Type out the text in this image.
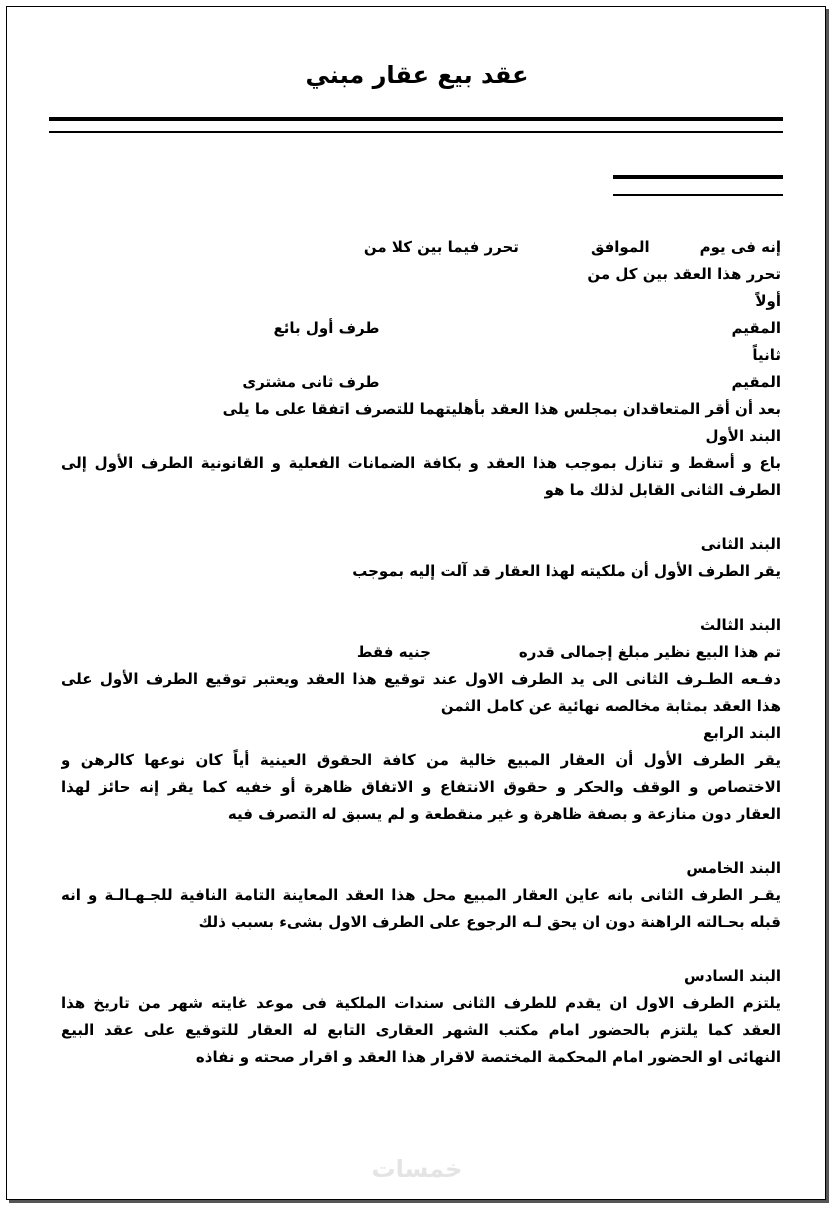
عقد بيع عقار مبني
إنه فى يومالموافقتحرر فيما بين كلا من
تحرر هذا العقد بين كل من
أولاً
المقيمطرف أول بائع
ثانياً
المقيمطرف ثانى مشترى
بعد أن أقر المتعاقدان بمجلس هذا العقد بأهليتهما للتصرف اتفقا على ما يلى
البند الأول
باع و أسقط و تنازل بموجب هذا العقد و بكافة الضمانات الفعلية و القانونية الطرف الأول إلى
الطرف الثانى القابل لذلك ما هو
البند الثانى
يقر الطرف الأول أن ملكيته لهذا العقار قد آلت إليه بموجب
البند الثالث
تم هذا البيع نظير مبلغ إجمالى قدرهجنيه فقط
دفـعه الطـرف الثانى الى يد الطرف الاول عند توقيع هذا العقد ويعتبر توقيع الطرف الأول على
هذا العقد بمثابة مخالصه نهائية عن كامل الثمن
البند الرابع
يقر الطرف الأول أن العقار المبيع خالية من كافة الحقوق العينية أياً كان نوعها كالرهن و
الاختصاص و الوقف والحكر و حقوق الانتفاع و الاتفاق ظاهرة أو خفيه كما يقر إنه حائز لهذا
العقار دون منازعة و بصفة ظاهرة و غير منقطعة و لم يسبق له التصرف فيه
البند الخامس
يقـر الطرف الثانى بانه عاين العقار المبيع محل هذا العقد المعاينة التامة النافية للجـهـالـة و انه
قبله بحـالته الراهنة دون ان يحق لـه الرجوع على الطرف الاول بشىء بسبب ذلك
البند السادس
يلتزم الطرف الاول ان يقدم للطرف الثانى سندات الملكية فى موعد غايته شهر من تاريخ هذا
العقد كما يلتزم بالحضور امام مكتب الشهر العقارى التابع له العقار للتوقيع على عقد البيع
النهائى او الحضور امام المحكمة المختصة لاقرار هذا العقد و اقرار صحته و نفاذه
خمسات
